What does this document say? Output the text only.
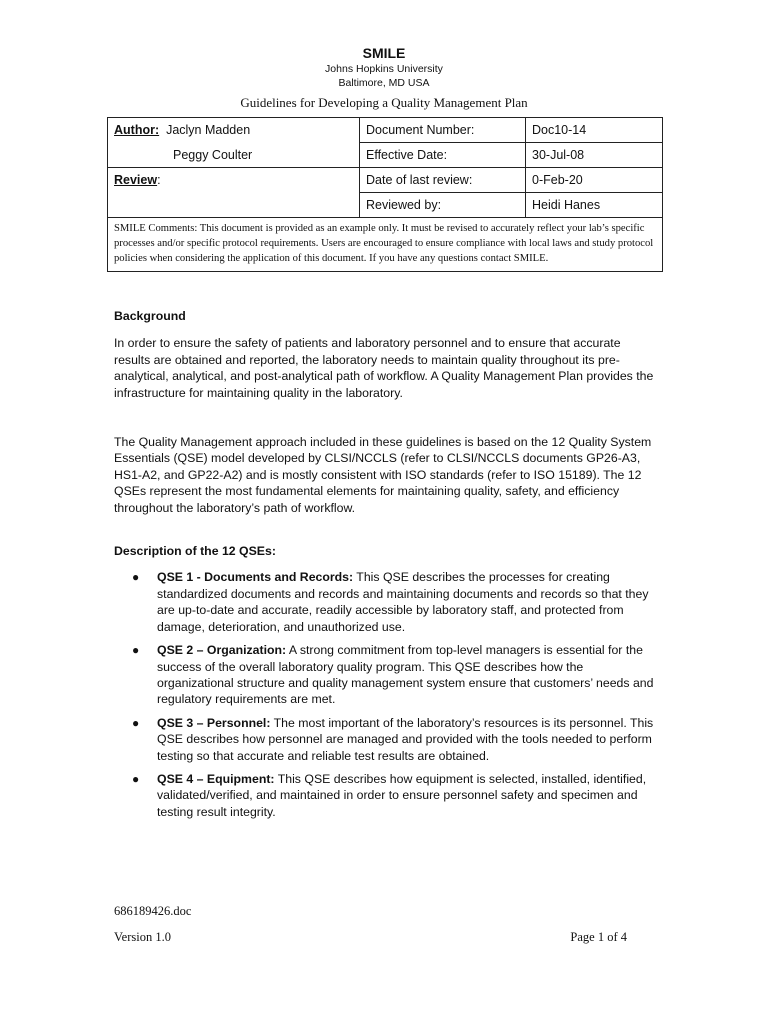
SMILE
Johns Hopkins University
Baltimore, MD USA
Guidelines for Developing a Quality Management Plan
Author: Jaclyn Madden	Document Number:	Doc10-14
Peggy Coulter	Effective Date:	30-Jul-08
Review:	Date of last review:	0-Feb-20
	Reviewed by:	Heidi Hanes
SMILE Comments: This document is provided as an example only. It must be revised to accurately reflect your lab’s specific processes and/or specific protocol requirements. Users are encouraged to ensure compliance with local laws and study protocol policies when considering the application of this document. If you have any questions contact SMILE.		

Background

In order to ensure the safety of patients and laboratory personnel and to ensure that accurate results are obtained and reported, the laboratory needs to maintain quality throughout its pre-analytical, analytical, and post-analytical path of workflow. A Quality Management Plan provides the infrastructure for maintaining quality in the laboratory.

The Quality Management approach included in these guidelines is based on the 12 Quality System Essentials (QSE) model developed by CLSI/NCCLS (refer to CLSI/NCCLS documents GP26-A3, HS1-A2, and GP22-A2) and is mostly consistent with ISO standards (refer to ISO 15189). The 12 QSEs represent the most fundamental elements for maintaining quality, safety, and efficiency throughout the laboratory’s path of workflow.

Description of the 12 QSEs:

● QSE 1 - Documents and Records: This QSE describes the processes for creating standardized documents and records and maintaining documents and records so that they are up-to-date and accurate, readily accessible by laboratory staff, and protected from damage, deterioration, and unauthorized use.
● QSE 2 – Organization: A strong commitment from top-level managers is essential for the success of the overall laboratory quality program. This QSE describes how the organizational structure and quality management system ensure that customers’ needs and regulatory requirements are met.
● QSE 3 – Personnel: The most important of the laboratory’s resources is its personnel. This QSE describes how personnel are managed and provided with the tools needed to perform testing so that accurate and reliable test results are obtained.
● QSE 4 – Equipment: This QSE describes how equipment is selected, installed, identified, validated/verified, and maintained in order to ensure personnel safety and specimen and testing result integrity.
686189426.doc
Version 1.0	Page 1 of 4
